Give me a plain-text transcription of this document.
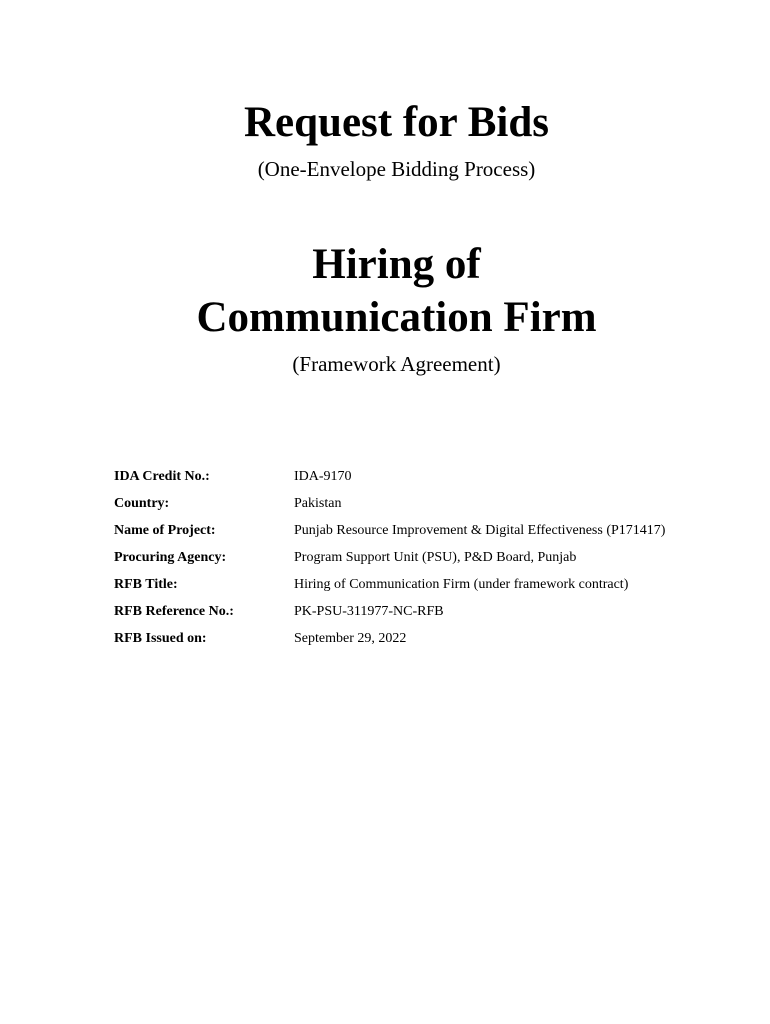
Request for Bids

(One-Envelope Bidding Process)

Hiring of
Communication Firm

(Framework Agreement)

IDA Credit No.:	IDA-9170
Country:	Pakistan
Name of Project:	Punjab Resource Improvement & Digital Effectiveness (P171417)
Procuring Agency:	Program Support Unit (PSU), P&D Board, Punjab
RFB Title:	Hiring of Communication Firm (under framework contract)
RFB Reference No.:	PK-PSU-311977-NC-RFB
RFB Issued on:	September 29, 2022
